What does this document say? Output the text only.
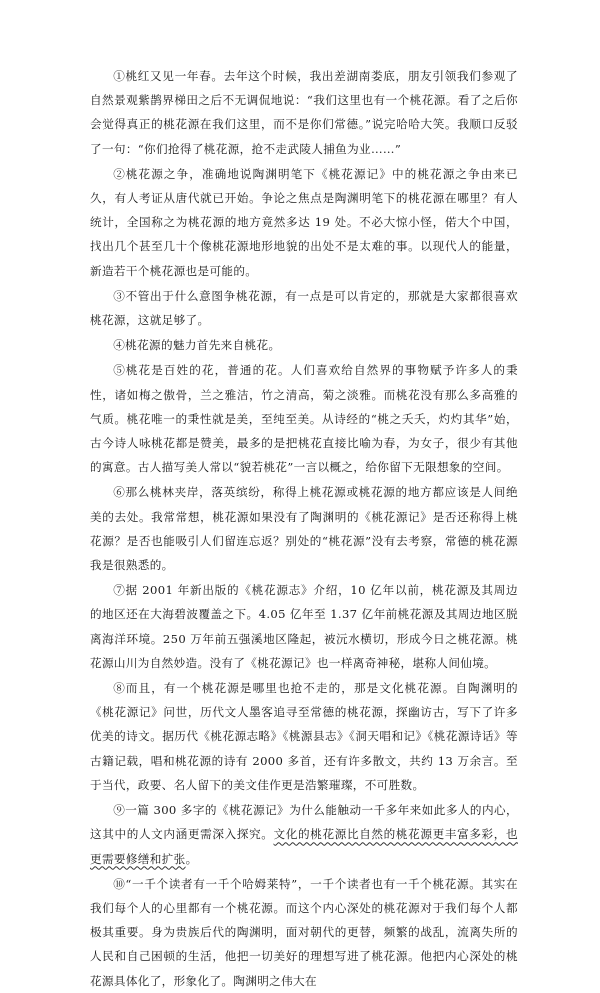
①桃红又见一年春。去年这个时候，我出差湖南娄底，朋友引领我们参观了自然景观紫鹊界梯田之后不无调侃地说：“我们这里也有一个桃花源。看了之后你会觉得真正的桃花源在我们这里，而不是你们常德。”说完哈哈大笑。我顺口反驳了一句：“你们抢得了桃花源，抢不走武陵人捕鱼为业……”

②桃花源之争，准确地说陶渊明笔下《桃花源记》中的桃花源之争由来已久，有人考证从唐代就已开始。争论之焦点是陶渊明笔下的桃花源在哪里？有人统计，全国称之为桃花源的地方竟然多达 19 处。不必大惊小怪，偌大个中国，找出几个甚至几十个像桃花源地形地貌的出处不是太难的事。以现代人的能量，新造若干个桃花源也是可能的。

③不管出于什么意图争桃花源，有一点是可以肯定的，那就是大家都很喜欢桃花源，这就足够了。

④桃花源的魅力首先来自桃花。

⑤桃花是百姓的花，普通的花。人们喜欢给自然界的事物赋予许多人的秉性，诸如梅之傲骨，兰之雅洁，竹之清高，菊之淡雅。而桃花没有那么多高雅的气质。桃花唯一的秉性就是美，至纯至美。从诗经的“桃之夭夭，灼灼其华”始，古今诗人咏桃花都是赞美，最多的是把桃花直接比喻为春，为女子，很少有其他的寓意。古人描写美人常以“貌若桃花”一言以概之，给你留下无限想象的空间。

⑥那么桃林夹岸，落英缤纷，称得上桃花源或桃花源的地方都应该是人间绝美的去处。我常常想，桃花源如果没有了陶渊明的《桃花源记》是否还称得上桃花源？是否也能吸引人们留连忘返？别处的“桃花源”没有去考察，常德的桃花源我是很熟悉的。

⑦据 2001 年新出版的《桃花源志》介绍，10 亿年以前，桃花源及其周边的地区还在大海碧波覆盖之下。4.05 亿年至 1.37 亿年前桃花源及其周边地区脱离海洋环境。250 万年前五强溪地区隆起，被沅水横切，形成今日之桃花源。桃花源山川为自然妙造。没有了《桃花源记》也一样离奇神秘，堪称人间仙境。

⑧而且，有一个桃花源是哪里也抢不走的，那是文化桃花源。自陶渊明的《桃花源记》问世，历代文人墨客追寻至常德的桃花源，探幽访古，写下了许多优美的诗文。据历代《桃花源志略》《桃源县志》《洞天唱和记》《桃花源诗话》等古籍记载，唱和桃花源的诗有 2000 多首，还有许多散文，共约 13 万余言。至于当代，政要、名人留下的美文佳作更是浩繁璀璨，不可胜数。

⑨一篇 300 多字的《桃花源记》为什么能触动一千多年来如此多人的内心，这其中的人文内涵更需深入探究。文化的桃花源比自然的桃花源更丰富多彩，也更需要修缮和扩张。

⑩“一千个读者有一千个哈姆莱特”，一千个读者也有一千个桃花源。其实在我们每个人的心里都有一个桃花源。而这个内心深处的桃花源对于我们每个人都极其重要。身为贵族后代的陶渊明，面对朝代的更替，频繁的战乱，流离失所的人民和自己困顿的生活，他把一切美好的理想写进了桃花源。他把内心深处的桃花源具体化了，形象化了。陶渊明之伟大在
